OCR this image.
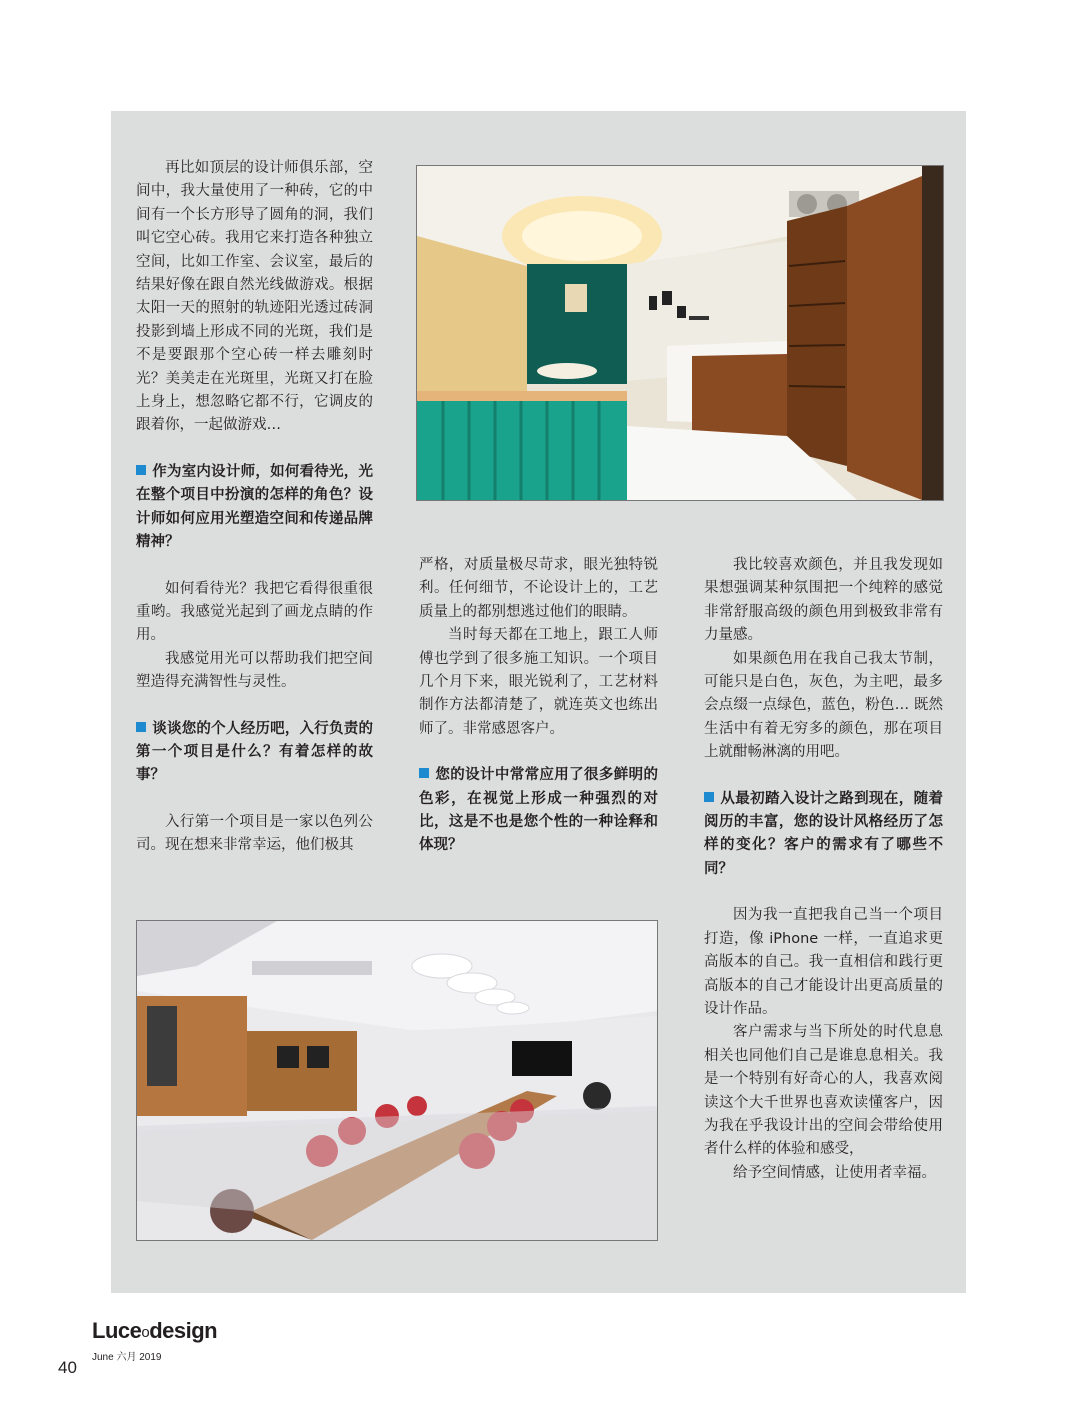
再比如顶层的设计师俱乐部，空间中，我大量使用了一种砖，它的中间有一个长方形导了圆角的洞，我们叫它空心砖。我用它来打造各种独立空间，比如工作室、会议室，最后的结果好像在跟自然光线做游戏。根据太阳一天的照射的轨迹阳光透过砖洞投影到墙上形成不同的光斑，我们是不是要跟那个空心砖一样去雕刻时光？美美走在光斑里，光斑又打在脸上身上，想忽略它都不行，它调皮的跟着你，一起做游戏…

作为室内设计师，如何看待光，光在整个项目中扮演的怎样的角色？设计师如何应用光塑造空间和传递品牌精神？

如何看待光？我把它看得很重很重哟。我感觉光起到了画龙点睛的作用。

我感觉用光可以帮助我们把空间塑造得充满智性与灵性。

谈谈您的个人经历吧，入行负责的第一个项目是什么？有着怎样的故事？

入行第一个项目是一家以色列公司。现在想来非常幸运，他们极其

严格，对质量极尽苛求，眼光独特锐利。任何细节，不论设计上的，工艺质量上的都别想逃过他们的眼睛。

当时每天都在工地上，跟工人师傅也学到了很多施工知识。一个项目几个月下来，眼光锐利了，工艺材料制作方法都清楚了，就连英文也练出师了。非常感恩客户。

您的设计中常常应用了很多鲜明的色彩，在视觉上形成一种强烈的对比，这是不也是您个性的一种诠释和体现？

我比较喜欢颜色，并且我发现如果想强调某种氛围把一个纯粹的感觉非常舒服高级的颜色用到极致非常有力量感。

如果颜色用在我自己我太节制，可能只是白色，灰色，为主吧，最多会点缀一点绿色，蓝色，粉色… 既然生活中有着无穷多的颜色，那在项目上就酣畅淋漓的用吧。

从最初踏入设计之路到现在，随着阅历的丰富，您的设计风格经历了怎样的变化？客户的需求有了哪些不同？

因为我一直把我自己当一个项目打造，像 iPhone 一样，一直追求更高版本的自己。我一直相信和践行更高版本的自己才能设计出更高质量的设计作品。

客户需求与当下所处的时代息息相关也同他们自己是谁息息相关。我是一个特别有好奇心的人，我喜欢阅读这个大千世界也喜欢读懂客户，因为我在乎我设计出的空间会带给使用者什么样的体验和感受，

给予空间情感，让使用者幸福。

Luceodesign
June 六月 2019
40
